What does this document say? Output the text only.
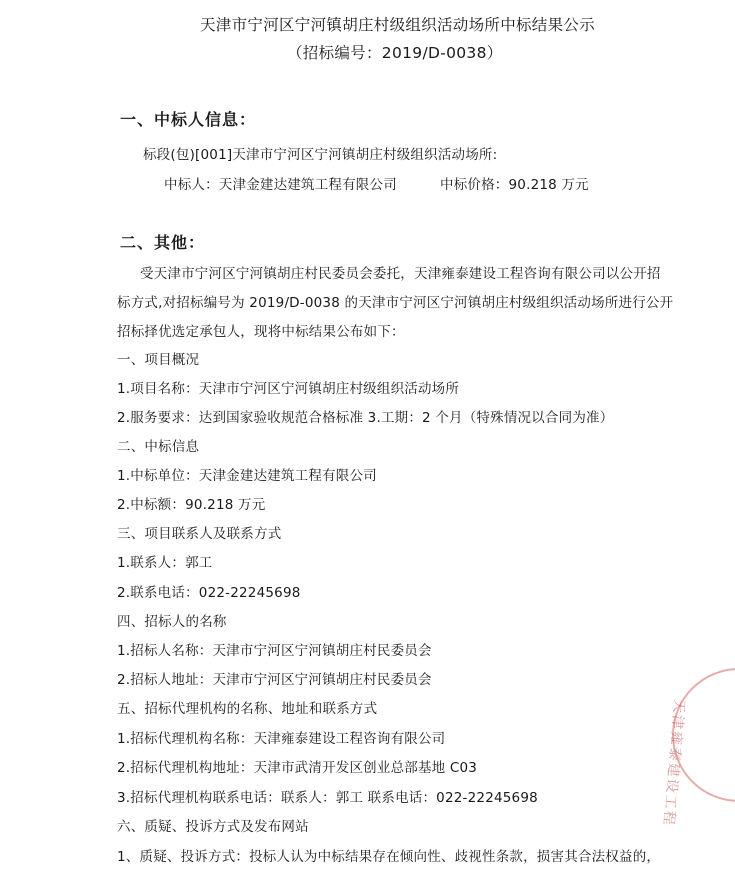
天津市宁河区宁河镇胡庄村级组织活动场所中标结果公示
（招标编号：2019/D-0038）
一、中标人信息：
标段(包)[001]天津市宁河区宁河镇胡庄村级组织活动场所:
中标人：天津金建达建筑工程有限公司	中标价格：90.218 万元
二、其他：
受天津市宁河区宁河镇胡庄村民委员会委托，天津雍泰建设工程咨询有限公司以公开招
标方式,对招标编号为 2019/D-0038 的天津市宁河区宁河镇胡庄村级组织活动场所进行公开
招标择优选定承包人，现将中标结果公布如下：
一、项目概况
1.项目名称：天津市宁河区宁河镇胡庄村级组织活动场所
2.服务要求：达到国家验收规范合格标准 3.工期：2 个月（特殊情况以合同为准）
二、中标信息
1.中标单位：天津金建达建筑工程有限公司
2.中标额：90.218 万元
三、项目联系人及联系方式
1.联系人：郭工
2.联系电话：022-22245698
四、招标人的名称
1.招标人名称：天津市宁河区宁河镇胡庄村民委员会
2.招标人地址：天津市宁河区宁河镇胡庄村民委员会
五、招标代理机构的名称、地址和联系方式
1.招标代理机构名称：天津雍泰建设工程咨询有限公司
2.招标代理机构地址：天津市武清开发区创业总部基地 C03
3.招标代理机构联系电话：联系人：郭工 联系电话：022-22245698
六、质疑、投诉方式及发布网站
1、质疑、投诉方式：投标人认为中标结果存在倾向性、歧视性条款，损害其合法权益的，
天津雍泰建设工程
